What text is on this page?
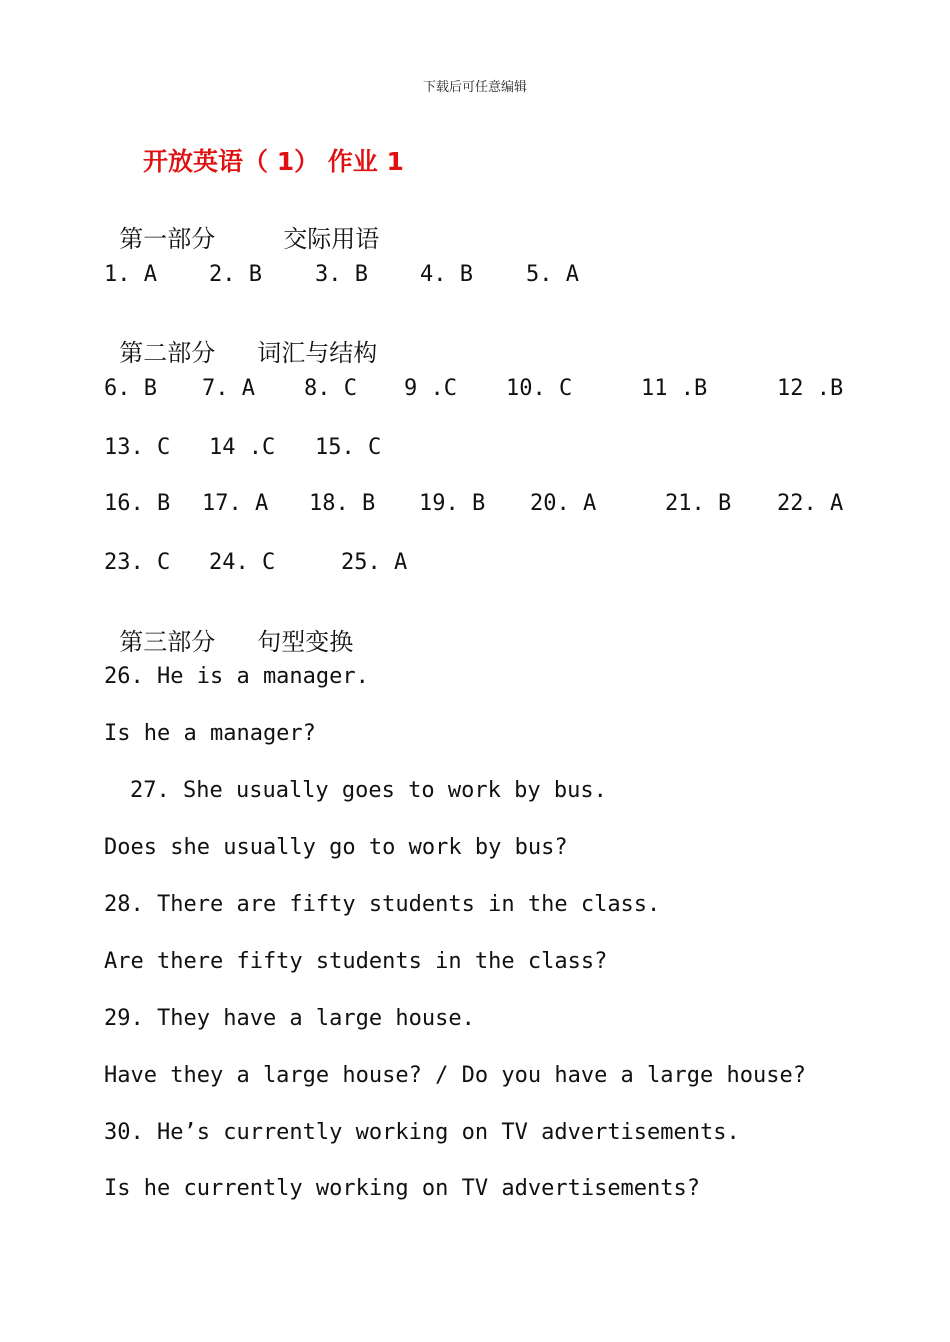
下载后可任意编辑
开放英语（ 1） 作业 1

第一部分	交际用语

1. A 2. B 3. B 4. B 5. A

第二部分 词汇与结构

6. B 7. A 8. C 9 .C 10. C	11 .B	12 .B
13. C 14 .C 15. C
16. B 17. A 18. B 19. B 20. A	21. B 22. A
23. C 24. C	25. A

第三部分 句型变换

26. He is a manager.
Is he a manager?
27. She usually goes to work by bus.
Does she usually go to work by bus?
28. There are fifty students in the class.
Are there fifty students in the class?
29. They have a large house.
Have they a large house? / Do you have a large house?
30. He’s currently working on TV advertisements.
Is he currently working on TV advertisements?
